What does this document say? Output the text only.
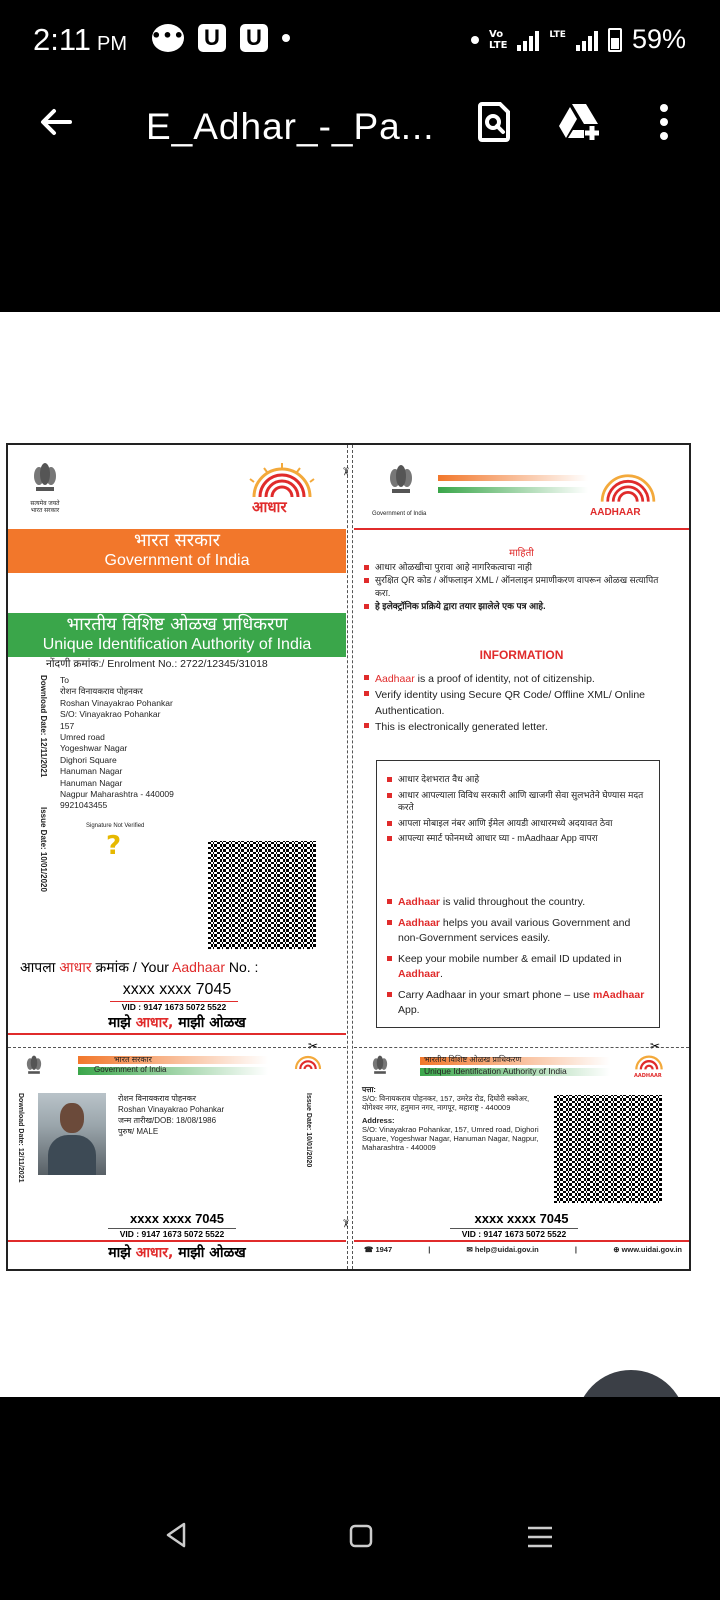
2:11 PM ••• U U	Vo
LTE
LTE 59%
E_Adhar_-_Pa...
सत्यमेव जयते
भारत सरकार	आधार
भारत सरकार
Government of India
भारतीय विशिष्ट ओळख प्राधिकरण
Unique Identification Authority of India
नोंदणी क्रमांक:/ Enrolment No.: 2722/12345/31018
To
रोशन विनायकराव पोहनकर
Roshan Vinayakrao Pohankar
S/O: Vinayakrao Pohankar
157
Umred road
Yogeshwar Nagar
Dighori Square
Hanuman Nagar
Hanuman Nagar
Nagpur Maharashtra - 440009
9921043455
Download Date: 12/11/2021
Issue Date: 10/01/2020	Signature Not Verified
?
आपला आधार क्रमांक / Your Aadhaar No. :
xxxx xxxx 7045
VID : 9147 1673 5072 5522
माझे आधार, माझी ओळख
✂
भारत सरकार
Government of India
रोशन विनायकराव पोहनकर
Roshan Vinayakrao Pohankar
जन्म तारीख/DOB: 18/08/1986
पुरुष/ MALE
Download Date: 12/11/2021	Issue Date: 10/01/2020
xxxx xxxx 7045
VID : 9147 1673 5072 5522
माझे आधार, माझी ओळख
✂
✂
Government of India	AADHAAR
माहिती
आधार ओळखीचा पुरावा आहे नागरिकत्वाचा नाही
सुरक्षित QR कोड / ऑफलाइन XML / ऑनलाइन प्रमाणीकरण वापरून ओळख सत्यापित करा.
हे इलेक्ट्रॉनिक प्रक्रिये द्वारा तयार झालेले एक पत्र आहे.
INFORMATION
Aadhaar is a proof of identity, not of citizenship.
Verify identity using Secure QR Code/ Offline XML/ Online Authentication.
This is electronically generated letter.
आधार देशभरात वैध आहे
आधार आपल्याला विविध सरकारी आणि खाजगी सेवा सुलभतेने घेण्यास मदत करते
आपला मोबाइल नंबर आणि ईमेल आयडी आधारमध्ये अदयावत ठेवा
आपल्या स्मार्ट फोनमध्ये आधार घ्या - mAadhaar App वापरा
Aadhaar is valid throughout the country.
Aadhaar helps you avail various Government and non-Government services easily.
Keep your mobile number & email ID updated in Aadhaar.
Carry Aadhaar in your smart phone – use mAadhaar App.
✂
भारतीय विशिष्ट ओळख प्राधिकरण
Unique Identification Authority of India	AADHAAR
पत्ता:
S/O: विनायकराव पोहनकर, 157, उमरेड रोड, दिघोरी स्क्वेअर, योगेश्वर नगर, हनुमान नगर, नागपूर, महाराष्ट्र - 440009
Address:
S/O: Vinayakrao Pohankar, 157, Umred road, Dighori Square, Yogeshwar Nagar, Hanuman Nagar, Nagpur, Maharashtra - 440009
xxxx xxxx 7045
VID : 9147 1673 5072 5522
☎ 1947	|	✉ help@uidai.gov.in	|	⊕ www.uidai.gov.in
